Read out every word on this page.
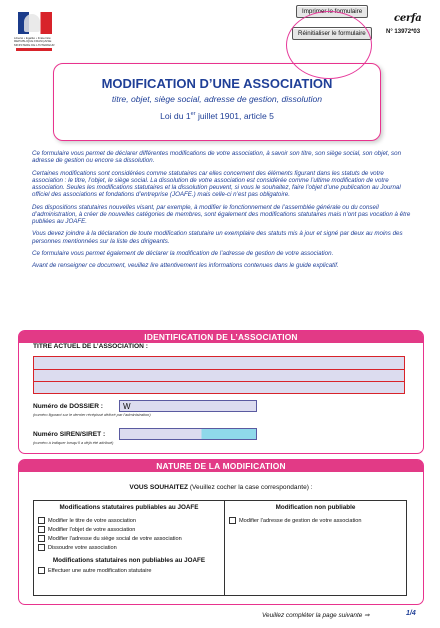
Liberté • Égalité • Fraternité
RÉPUBLIQUE FRANÇAISE
MINISTÈRE DE L'INTÉRIEUR
Imprimer le formulaire
Réinitialiser le formulaire
cerfa
N° 13972*03
MODIFICATION D’UNE ASSOCIATION
titre, objet, siège social, adresse de gestion, dissolution
Loi du 1er juillet 1901, article 5

Ce formulaire vous permet de déclarer différentes modifications de votre association, à savoir son titre, son siège social, son objet, son adresse de gestion ou encore sa dissolution.

Certaines modifications sont considérées comme statutaires car elles concernent des éléments figurant dans les statuts de votre association : le titre, l’objet, le siège social. La dissolution de votre association est considérée comme l’ultime modification de votre association. Seules les modifications statutaires et la dissolution peuvent, si vous le souhaitez, faire l’objet d’une publication au Journal officiel des associations et fondations d’entreprise (JOAFE.) mais celle-ci n’est pas obligatoire.

Des dispositions statutaires nouvelles visant, par exemple, à modifier le fonctionnement de l’assemblée générale ou du conseil d’administration, à créer de nouvelles catégories de membres, sont également des modifications statutaires mais n’ont pas vocation à être publiées au JOAFE.

Vous devez joindre à la déclaration de toute modification statutaire un exemplaire des statuts mis à jour et signé par deux au moins des personnes mentionnées sur la liste des dirigeants.

Ce formulaire vous permet également de déclarer la modification de l’adresse de gestion de votre association.

Avant de renseigner ce document, veuillez lire attentivement les informations contenues dans le guide explicatif.

IDENTIFICATION DE L’ASSOCIATION
TITRE ACTUEL DE L’ASSOCIATION :
Numéro de DOSSIER :	W
(numéro figurant sur le dernier récépissé délivré par l’administration)
Numéro SIREN/SIRET :
(numéro à indiquer lorsqu’il a déjà été attribué)
NATURE DE LA MODIFICATION
VOUS SOUHAITEZ (Veuillez cocher la case correspondante) :
Modifications statutaires publiables au JOAFE
Modifier le titre de votre association
Modifier l’objet de votre association
Modifier l’adresse du siège social de votre association
Dissoudre votre association
Modifications statutaires non publiables au JOAFE
Effectuer une autre modification statutaire
Modification non publiable
Modifier l’adresse de gestion de votre association
Veuillez compléter la page suivante ⇒	1/4
